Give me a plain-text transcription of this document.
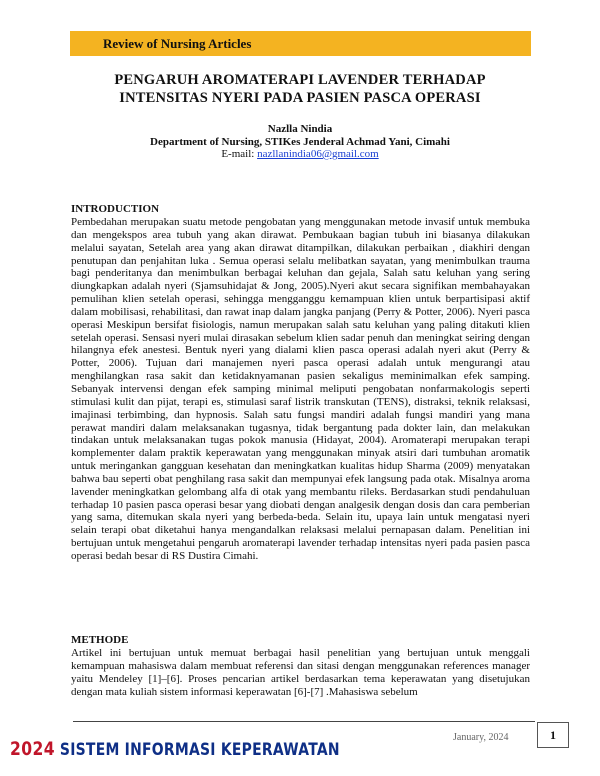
Review of Nursing Articles
PENGARUH AROMATERAPI LAVENDER TERHADAP
INTENSITAS NYERI PADA PASIEN PASCA OPERASI
Nazlla Nindia
Department of Nursing, STIKes Jenderal Achmad Yani, Cimahi
E-mail: nazllanindia06@gmail.com
INTRODUCTION

Pembedahan merupakan suatu metode pengobatan yang menggunakan metode invasif untuk membuka dan mengekspos area tubuh yang akan dirawat. Pembukaan bagian tubuh ini biasanya dilakukan melalui sayatan, Setelah area yang akan dirawat ditampilkan, dilakukan perbaikan , diakhiri dengan penutupan dan penjahitan luka . Semua operasi selalu melibatkan sayatan, yang menimbulkan trauma bagi penderitanya dan menimbulkan berbagai keluhan dan gejala, Salah satu keluhan yang sering diungkapkan adalah nyeri (Sjamsuhidajat & Jong, 2005).Nyeri akut secara signifikan membahayakan pemulihan klien setelah operasi, sehingga mengganggu kemampuan klien untuk berpartisipasi aktif dalam mobilisasi, rehabilitasi, dan rawat inap dalam jangka panjang (Perry & Potter, 2006). Nyeri pasca operasi Meskipun bersifat fisiologis, namun merupakan salah satu keluhan yang paling ditakuti klien setelah operasi. Sensasi nyeri mulai dirasakan sebelum klien sadar penuh dan meningkat seiring dengan hilangnya efek anestesi. Bentuk nyeri yang dialami klien pasca operasi adalah nyeri akut (Perry & Potter, 2006). Tujuan dari manajemen nyeri pasca operasi adalah untuk mengurangi atau menghilangkan rasa sakit dan ketidaknyamanan pasien sekaligus meminimalkan efek samping. Sebanyak intervensi dengan efek samping minimal meliputi pengobatan nonfarmakologis seperti stimulasi kulit dan pijat, terapi es, stimulasi saraf listrik transkutan (TENS), distraksi, teknik relaksasi, imajinasi terbimbing, dan hypnosis. Salah satu fungsi mandiri adalah fungsi mandiri yang mana perawat mandiri dalam melaksanakan tugasnya, tidak bergantung pada dokter lain, dan melakukan tindakan untuk melaksanakan tugas pokok manusia (Hidayat, 2004). Aromaterapi merupakan terapi komplementer dalam praktik keperawatan yang menggunakan minyak atsiri dari tumbuhan aromatik untuk meringankan gangguan kesehatan dan meningkatkan kualitas hidup Sharma (2009) menyatakan bahwa bau seperti obat penghilang rasa sakit dan mempunyai efek langsung pada otak. Misalnya aroma lavender meningkatkan gelombang alfa di otak yang membantu rileks. Berdasarkan studi pendahuluan terhadap 10 pasien pasca operasi besar yang diobati dengan analgesik dengan dosis dan cara pemberian yang sama, ditemukan skala nyeri yang berbeda-beda. Selain itu, upaya lain untuk mengatasi nyeri selain terapi obat diketahui hanya mengandalkan relaksasi melalui pernapasan dalam. Penelitian ini bertujuan untuk mengetahui pengaruh aromaterapi lavender terhadap intensitas nyeri pada pasien pasca operasi bedah besar di RS Dustira Cimahi.

METHODE

Artikel ini bertujuan untuk memuat berbagai hasil penelitian yang bertujuan untuk menggali kemampuan mahasiswa dalam membuat referensi dan sitasi dengan menggunakan references manager yaitu Mendeley [1]–[6]. Proses pencarian artikel berdasarkan tema keperawatan yang disetujukan dengan mata kuliah sistem informasi keperawatan [6]-[7] .Mahasiswa sebelum

January, 2024	1
2024 SISTEM INFORMASI KEPERAWATAN
